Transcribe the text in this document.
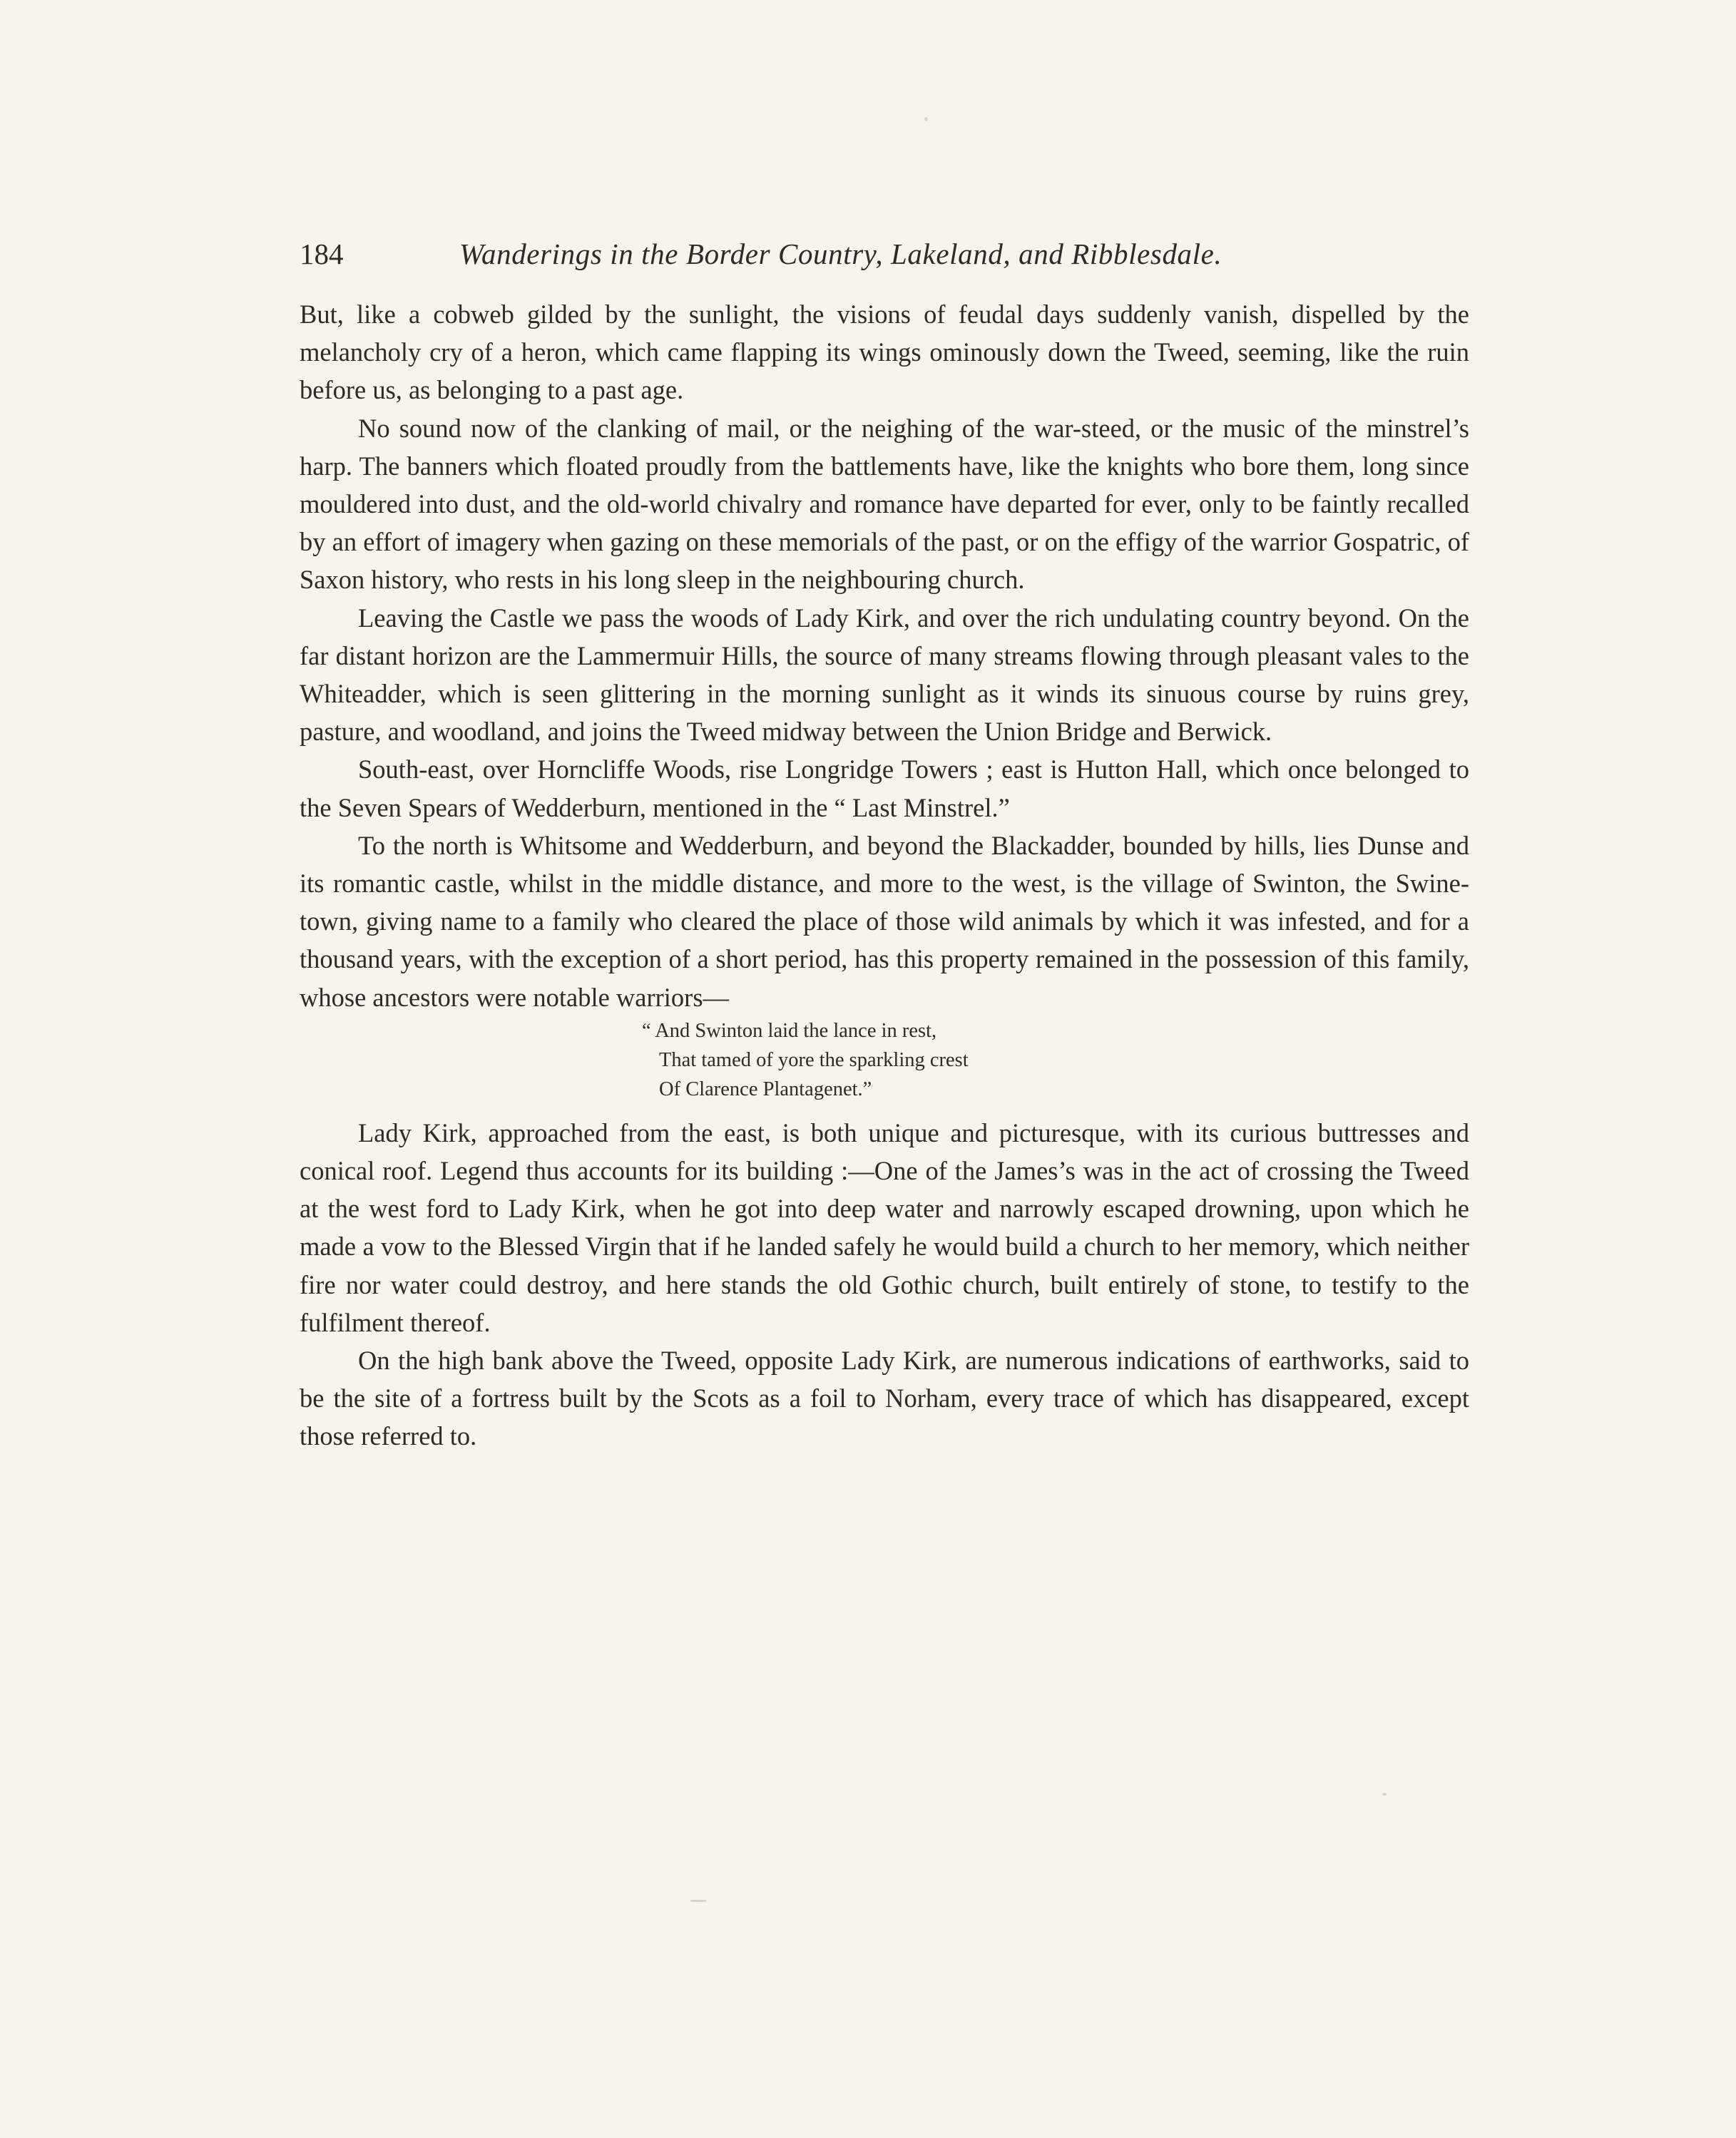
184	Wanderings in the Border Country, Lakeland, and Ribblesdale.

But, like a cobweb gilded by the sunlight, the visions of feudal days suddenly vanish, dispelled by the melancholy cry of a heron, which came flapping its wings ominously down the Tweed, seeming, like the ruin before us, as belonging to a past age.

No sound now of the clanking of mail, or the neighing of the war-steed, or the music of the minstrel’s harp. The banners which floated proudly from the battlements have, like the knights who bore them, long since mouldered into dust, and the old-world chivalry and romance have departed for ever, only to be faintly recalled by an effort of imagery when gazing on these memorials of the past, or on the effigy of the warrior Gospatric, of Saxon history, who rests in his long sleep in the neighbouring church.

Leaving the Castle we pass the woods of Lady Kirk, and over the rich undulating country beyond. On the far distant horizon are the Lammermuir Hills, the source of many streams flowing through pleasant vales to the Whiteadder, which is seen glittering in the morning sunlight as it winds its sinuous course by ruins grey, pasture, and woodland, and joins the Tweed midway between the Union Bridge and Berwick.

South-east, over Horncliffe Woods, rise Longridge Towers ; east is Hutton Hall, which once belonged to the Seven Spears of Wedderburn, mentioned in the “ Last Minstrel.”

To the north is Whitsome and Wedderburn, and beyond the Blackadder, bounded by hills, lies Dunse and its romantic castle, whilst in the middle distance, and more to the west, is the village of Swinton, the Swine-town, giving name to a family who cleared the place of those wild animals by which it was infested, and for a thousand years, with the exception of a short period, has this property remained in the possession of this family, whose ancestors were notable warriors—

“ And Swinton laid the lance in rest,
That tamed of yore the sparkling crest
Of Clarence Plantagenet.”

Lady Kirk, approached from the east, is both unique and picturesque, with its curious buttresses and conical roof. Legend thus accounts for its building :—One of the James’s was in the act of crossing the Tweed at the west ford to Lady Kirk, when he got into deep water and narrowly escaped drowning, upon which he made a vow to the Blessed Virgin that if he landed safely he would build a church to her memory, which neither fire nor water could destroy, and here stands the old Gothic church, built entirely of stone, to testify to the fulfilment thereof.

On the high bank above the Tweed, opposite Lady Kirk, are numerous indications of earthworks, said to be the site of a fortress built by the Scots as a foil to Norham, every trace of which has disappeared, except those referred to.
